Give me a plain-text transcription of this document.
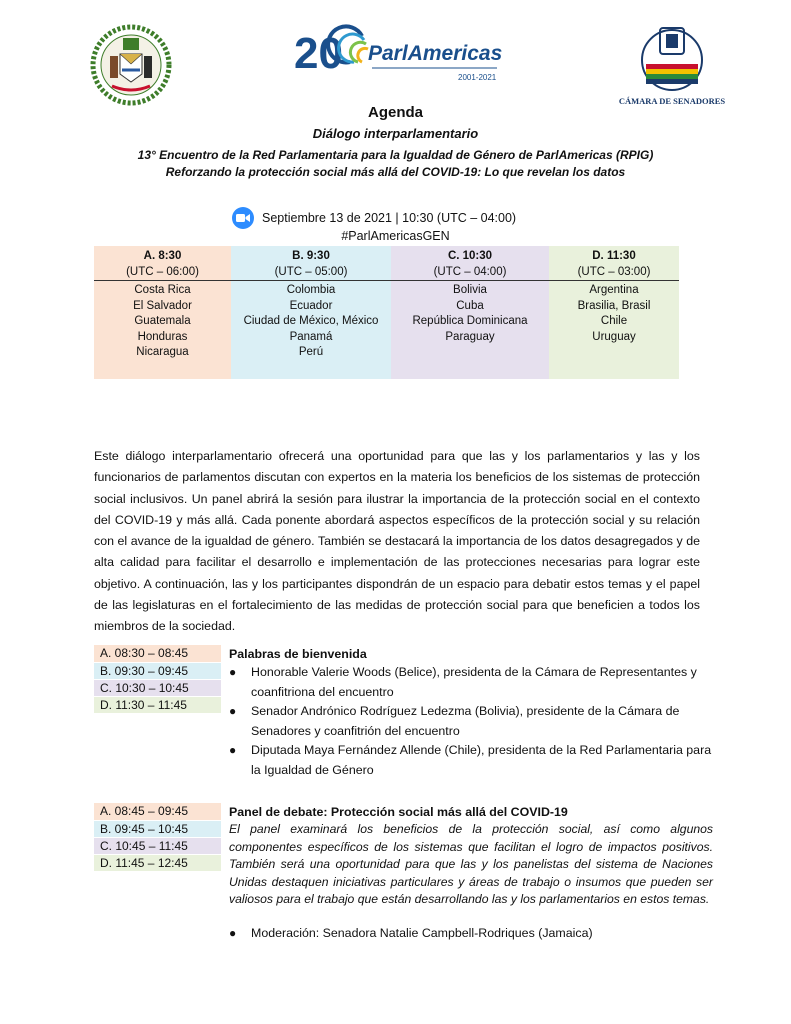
20 ParlAmericas
2001-2021
CÁMARA DE SENADORES
Agenda
Diálogo interparlamentario
13° Encuentro de la Red Parlamentaria para la Igualdad de Género de ParlAmericas (RPIG)
Reforzando la protección social más allá del COVID-19: Lo que revelan los datos
Septiembre 13 de 2021 | 10:30 (UTC – 04:00)
#ParlAmericasGEN
A. 8:30
(UTC – 06:00)
Costa Rica
El Salvador
Guatemala
Honduras
Nicaragua
B. 9:30
(UTC – 05:00)
Colombia
Ecuador
Ciudad de México, México
Panamá
Perú
C. 10:30
(UTC – 04:00)
Bolivia
Cuba
República Dominicana
Paraguay
D. 11:30
(UTC – 03:00)
Argentina
Brasilia, Brasil
Chile
Uruguay

Este diálogo interparlamentario ofrecerá una oportunidad para que las y los parlamentarios y las y los funcionarios de parlamentos discutan con expertos en la materia los beneficios de los sistemas de protección social inclusivos. Un panel abrirá la sesión para ilustrar la importancia de la protección social en el contexto del COVID-19 y más allá. Cada ponente abordará aspectos específicos de la protección social y su relación con el avance de la igualdad de género. También se destacará la importancia de los datos desagregados y de alta calidad para facilitar el desarrollo e implementación de las protecciones necesarias para lograr este objetivo. A continuación, las y los participantes dispondrán de un espacio para debatir estos temas y el papel de las legislaturas en el fortalecimiento de las medidas de protección social para que beneficien a todos los miembros de la sociedad.

A. 08:30 – 08:45
B. 09:30 – 09:45
C. 10:30 – 10:45
D. 11:30 – 11:45
Palabras de bienvenida
● Honorable Valerie Woods (Belice), presidenta de la Cámara de Representantes y coanfitriona del encuentro
● Senador Andrónico Rodríguez Ledezma (Bolivia), presidente de la Cámara de Senadores y coanfitrión del encuentro
● Diputada Maya Fernández Allende (Chile), presidenta de la Red Parlamentaria para la Igualdad de Género
A. 08:45 – 09:45
B. 09:45 – 10:45
C. 10:45 – 11:45
D. 11:45 – 12:45
Panel de debate: Protección social más allá del COVID-19

El panel examinará los beneficios de la protección social, así como algunos componentes específicos de los sistemas que facilitan el logro de impactos positivos. También será una oportunidad para que las y los panelistas del sistema de Naciones Unidas destaquen iniciativas particulares y áreas de trabajo o insumos que pueden ser valiosos para el trabajo que están desarrollando las y los parlamentarios en estos temas.

● Moderación: Senadora Natalie Campbell-Rodriques (Jamaica)
